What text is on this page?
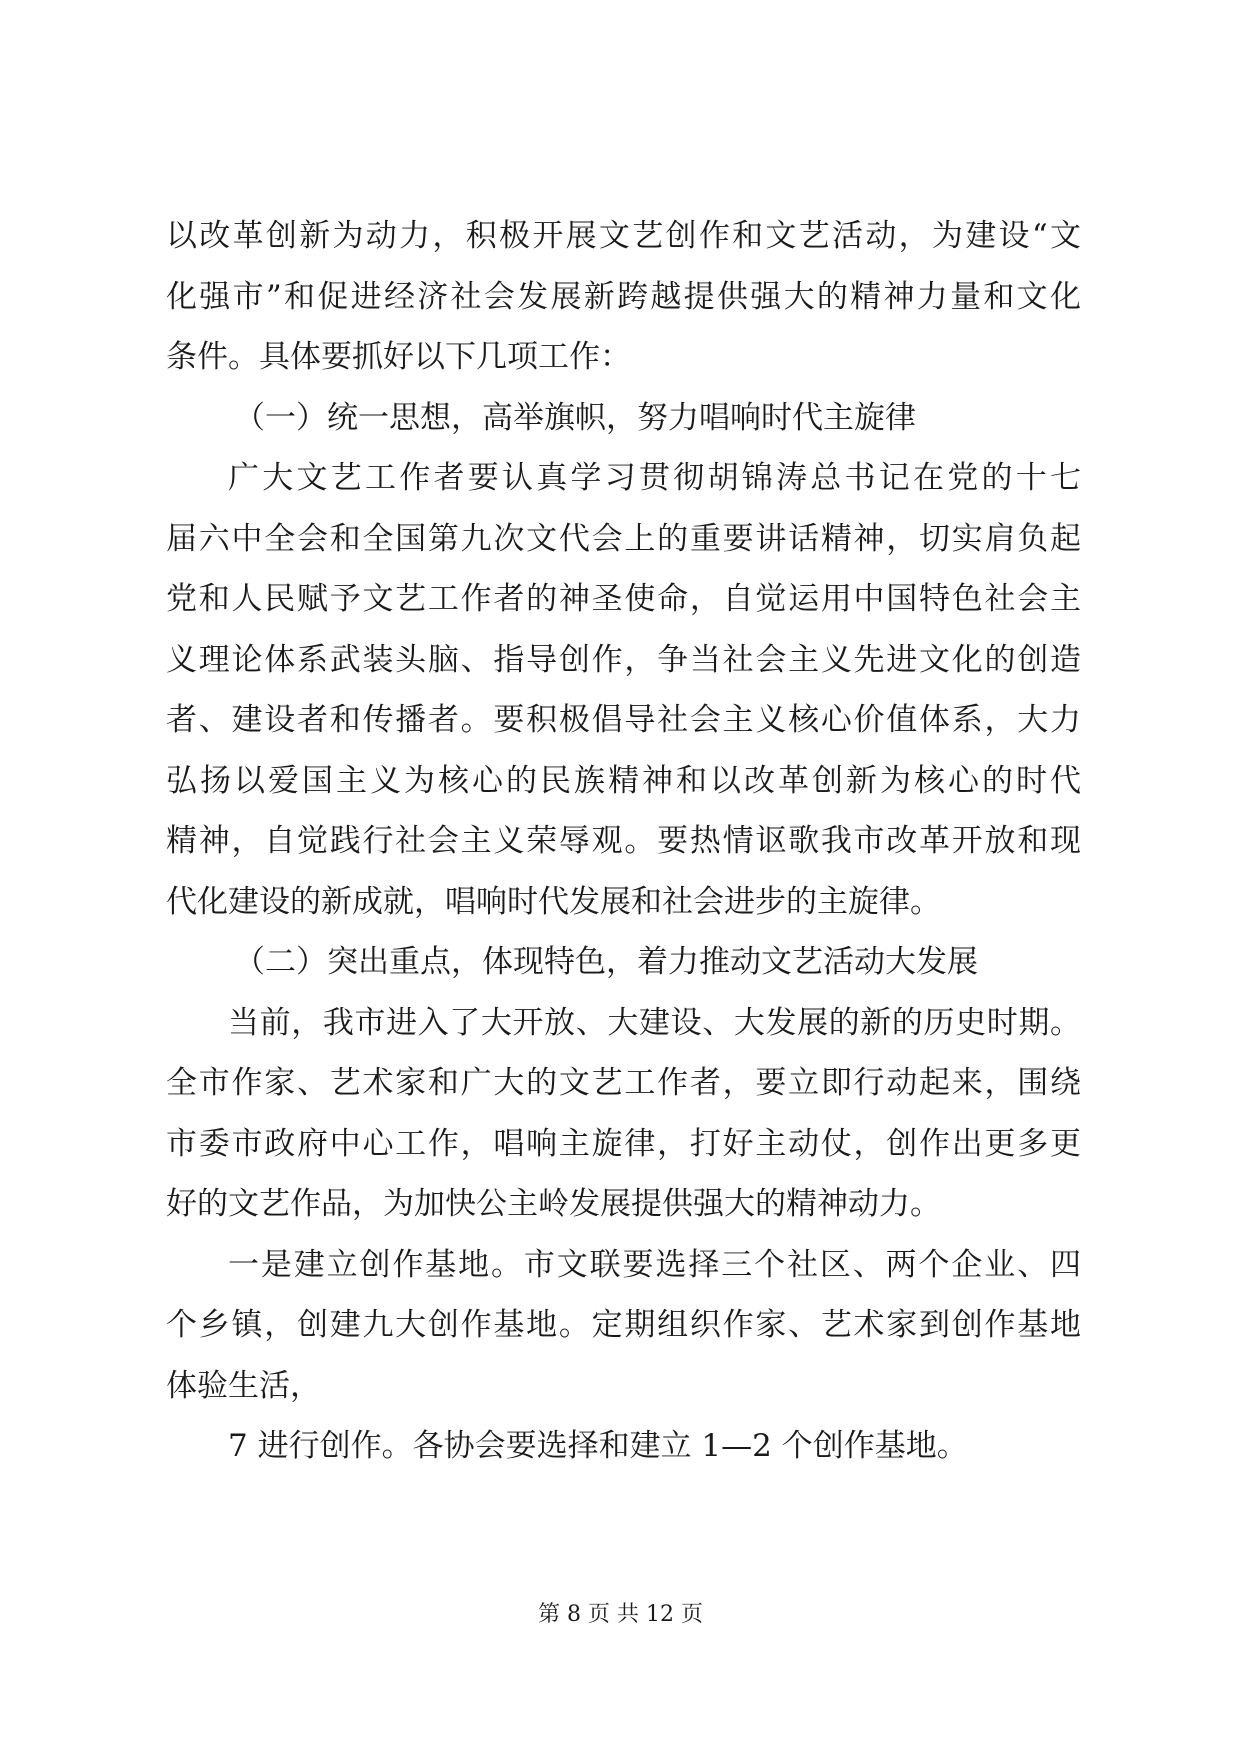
以改革创新为动力，积极开展文艺创作和文艺活动，为建设“文
化强市”和促进经济社会发展新跨越提供强大的精神力量和文化
条件。具体要抓好以下几项工作：
（一）统一思想，高举旗帜，努力唱响时代主旋律
广大文艺工作者要认真学习贯彻胡锦涛总书记在党的十七
届六中全会和全国第九次文代会上的重要讲话精神，切实肩负起
党和人民赋予文艺工作者的神圣使命，自觉运用中国特色社会主
义理论体系武装头脑、指导创作，争当社会主义先进文化的创造
者、建设者和传播者。要积极倡导社会主义核心价值体系，大力
弘扬以爱国主义为核心的民族精神和以改革创新为核心的时代
精神，自觉践行社会主义荣辱观。要热情讴歌我市改革开放和现
代化建设的新成就，唱响时代发展和社会进步的主旋律。
（二）突出重点，体现特色，着力推动文艺活动大发展
当前，我市进入了大开放、大建设、大发展的新的历史时期。
全市作家、艺术家和广大的文艺工作者，要立即行动起来，围绕
市委市政府中心工作，唱响主旋律，打好主动仗，创作出更多更
好的文艺作品，为加快公主岭发展提供强大的精神动力。
一是建立创作基地。市文联要选择三个社区、两个企业、四
个乡镇，创建九大创作基地。定期组织作家、艺术家到创作基地
体验生活，
7 进行创作。各协会要选择和建立 1—2 个创作基地。
第 8 页 共 12 页
